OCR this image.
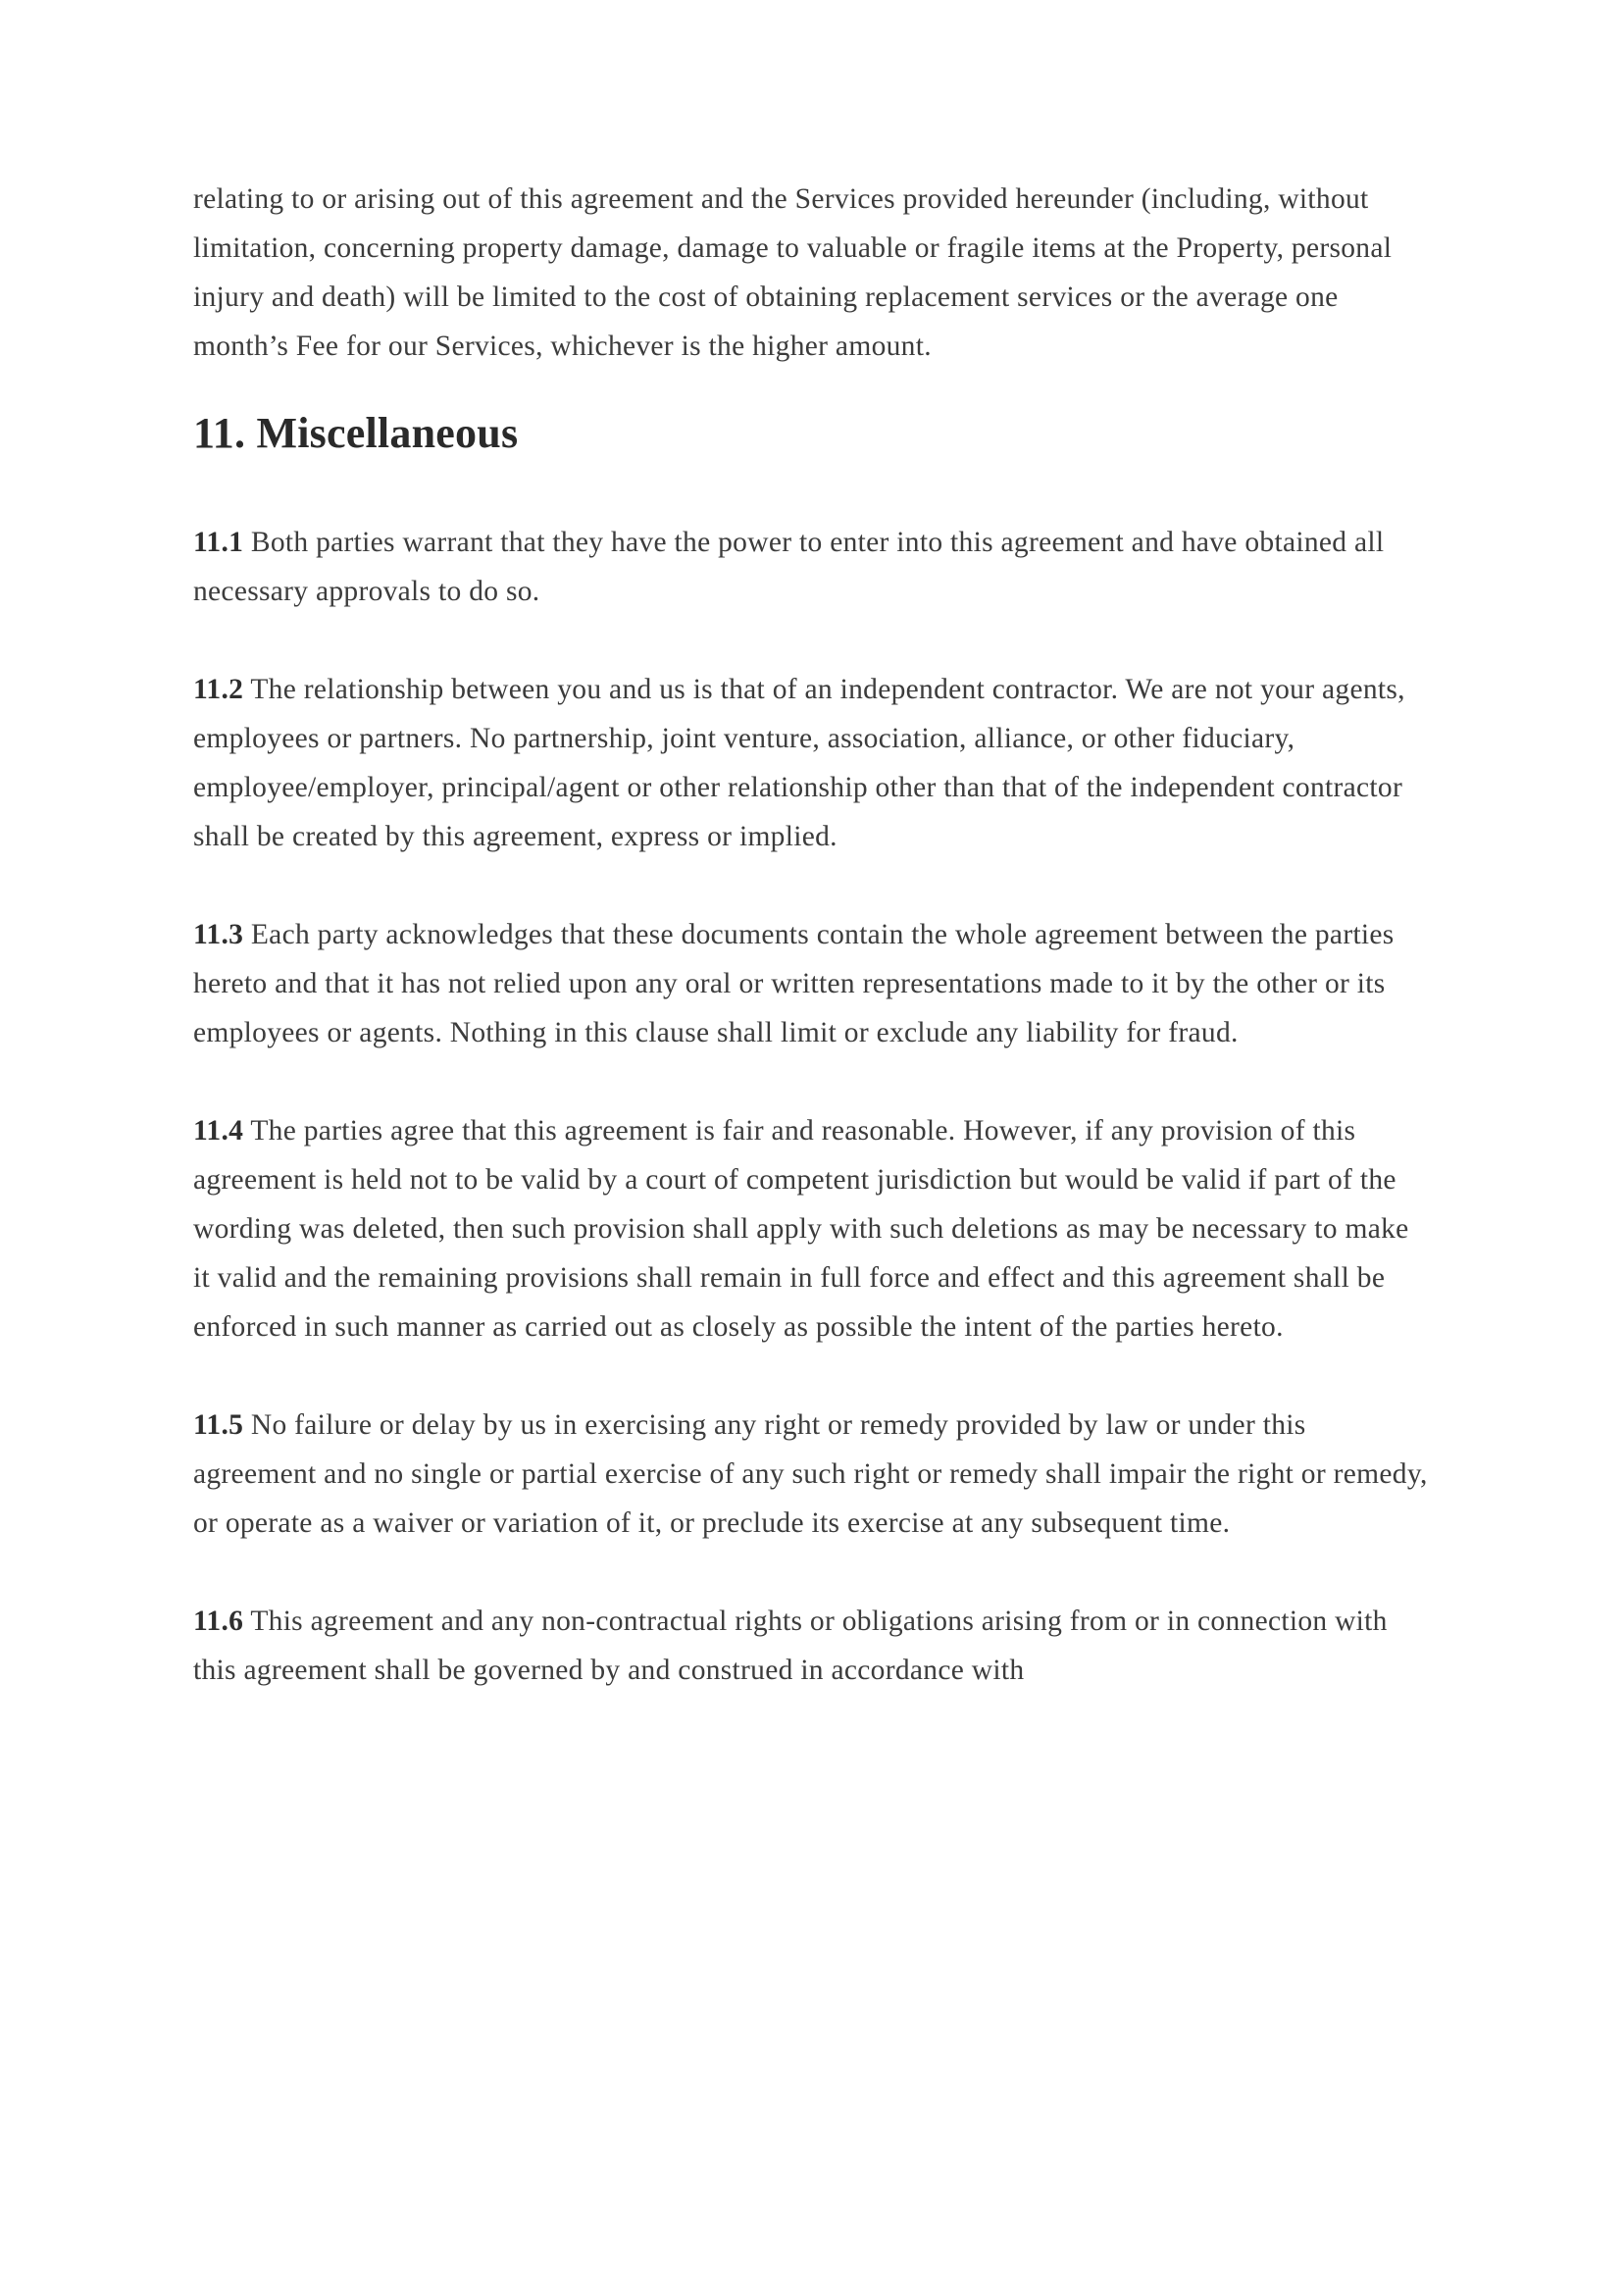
relating to or arising out of this agreement and the Services provided hereunder (including, without limitation, concerning property damage, damage to valuable or fragile items at the Property, personal injury and death) will be limited to the cost of obtaining replacement services or the average one month’s Fee for our Services, whichever is the higher amount.

11. Miscellaneous

11.1 Both parties warrant that they have the power to enter into this agreement and have obtained all necessary approvals to do so.

11.2 The relationship between you and us is that of an independent contractor. We are not your agents, employees or partners. No partnership, joint venture, association, alliance, or other fiduciary, employee/employer, principal/agent or other relationship other than that of the independent contractor shall be created by this agreement, express or implied.

11.3 Each party acknowledges that these documents contain the whole agreement between the parties hereto and that it has not relied upon any oral or written representations made to it by the other or its employees or agents. Nothing in this clause shall limit or exclude any liability for fraud.

11.4 The parties agree that this agreement is fair and reasonable. However, if any provision of this agreement is held not to be valid by a court of competent jurisdiction but would be valid if part of the wording was deleted, then such provision shall apply with such deletions as may be necessary to make it valid and the remaining provisions shall remain in full force and effect and this agreement shall be enforced in such manner as carried out as closely as possible the intent of the parties hereto.

11.5 No failure or delay by us in exercising any right or remedy provided by law or under this agreement and no single or partial exercise of any such right or remedy shall impair the right or remedy, or operate as a waiver or variation of it, or preclude its exercise at any subsequent time.

11.6 This agreement and any non-contractual rights or obligations arising from or in connection with this agreement shall be governed by and construed in accordance with
